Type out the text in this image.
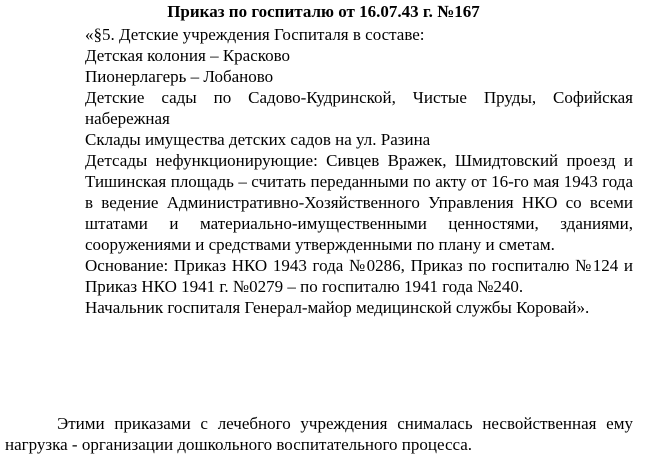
Приказ по госпиталю от 16.07.43 г. №167

«§5. Детские учреждения Госпиталя в составе:

Детская колония – Красково

Пионерлагерь – Лобаново

Детские сады по Садово-Кудринской, Чистые Пруды, Софийская набережная

Склады имущества детских садов на ул. Разина

Детсады нефункционирующие: Сивцев Вражек, Шмидтовский проезд и Тишинская площадь – считать переданными по акту от 16-го мая 1943 года в ведение Административно-Хозяйственного Управления НКО со всеми штатами и материально-имущественными ценностями, зданиями, сооружениями и средствами утвержденными по плану и сметам.

Основание: Приказ НКО 1943 года №0286, Приказ по госпиталю №124 и Приказ НКО 1941 г. №0279 – по госпиталю 1941 года №240.

Начальник госпиталя Генерал-майор медицинской службы Коровай».

Этими приказами с лечебного учреждения снималась несвойственная ему нагрузка - организации дошкольного воспитательного процесса.
